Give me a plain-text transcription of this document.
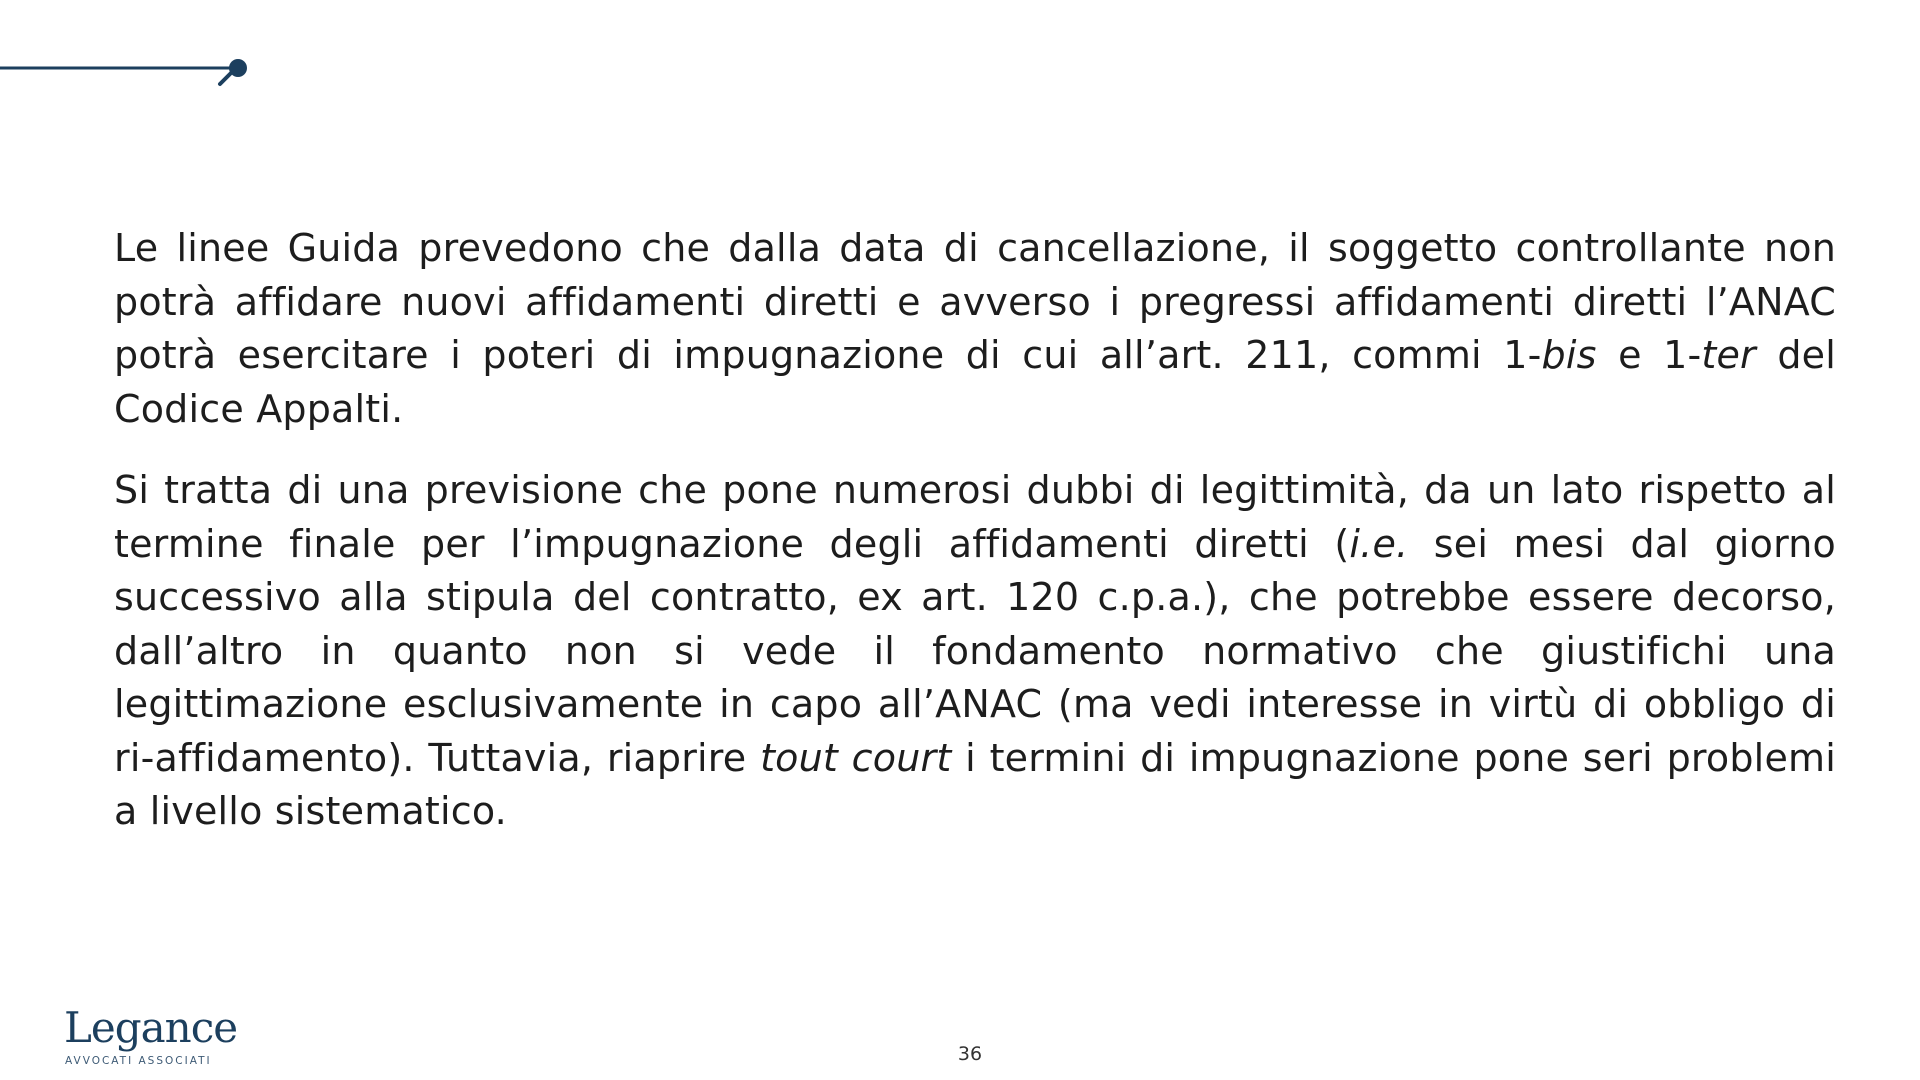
Le linee Guida prevedono che dalla data di cancellazione, il soggetto controllante non potrà affidare nuovi affidamenti diretti e avverso i pregressi affidamenti diretti l’ANAC potrà esercitare i poteri di impugnazione di cui all’art. 211, commi 1-bis e 1-ter del Codice Appalti.

Si tratta di una previsione che pone numerosi dubbi di legittimità, da un lato rispetto al termine finale per l’impugnazione degli affidamenti diretti (i.e. sei mesi dal giorno successivo alla stipula del contratto, ex art. 120 c.p.a.), che potrebbe essere decorso, dall’altro in quanto non si vede il fondamento normativo che giustifichi una legittimazione esclusivamente in capo all’ANAC (ma vedi interesse in virtù di obbligo di ri-affidamento). Tuttavia, riaprire tout court i termini di impugnazione pone seri problemi a livello sistematico.

Legance
AVVOCATI ASSOCIATI	36
